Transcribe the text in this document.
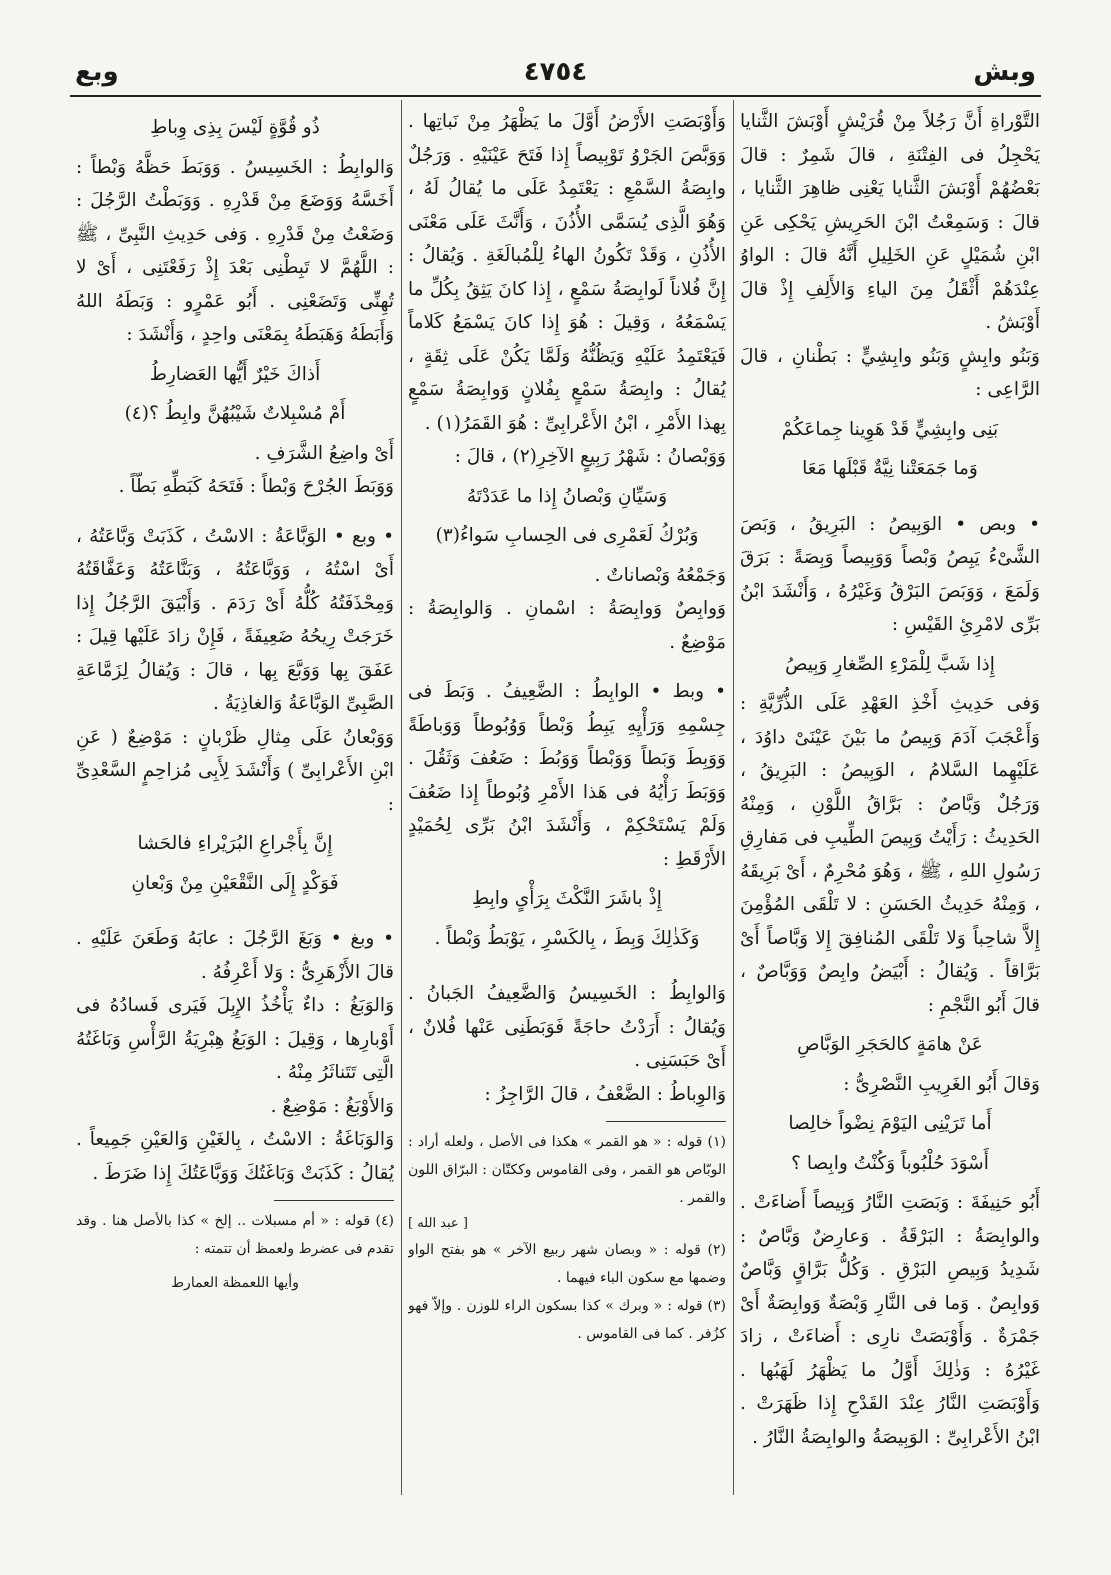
وبش
٤٧٥٤
وبع

التَّوْراةِ أَنَّ رَجُلاً مِنْ قُرَيْشٍ أَوْبَشَ الثَّنايا يَحْجِلُ فى الفِتْنَةِ ، قالَ شَمِرٌ : قالَ بَعْضُهُمْ أَوْبَشَ الثَّنايا يَعْنِى ظاهِرَ الثَّنايا ، قالَ : وَسَمِعْتُ ابْنَ الحَرِيشِ يَحْكِى عَنِ ابْنِ شُمَيْلٍ عَنِ الخَلِيلِ أَنَّهُ قالَ : الواوُ عِنْدَهُمْ أَثْقَلُ مِنَ الياءِ وَالأَلِفِ إِذْ قالَ أَوْبَشُ .

وَبَنُو وابِشٍ وَبَنُو وابِشِيٍّ : بَطْنانِ ، قالَ الرَّاعِى :

بَنِى وابِشِيٍّ قَدْ هَوِينا جِماعَكُمْ

وَما جَمَعَتْنا نِيَّةٌ قَبْلَها مَعَا

• وبص • الوَبِيصُ : البَرِيقُ ، وَبَصَ الشَّىْءُ يَبِصُ وَبْصاً وَوَبِيصاً وَبِصَةً : بَرَقَ وَلَمَعَ ، وَوَبَصَ البَرْقُ وَغَيْرُهُ ، وَأَنْشَدَ ابْنُ بَرِّى لامْرِئِ القَيْسِ :

إِذا شَبَّ لِلْمَرْءِ الصِّغارِ وَبِيصُ

وَفى حَدِيثِ أَخْذِ العَهْدِ عَلَى الذُّرِّيَّةِ : وَأَعْجَبَ آدَمَ وَبِيصُ ما بَيْنَ عَيْنَىْ داوُدَ ، عَلَيْهِما السَّلامُ ، الوَبِيصُ : البَرِيقُ ، وَرَجُلٌ وَبَّاصٌ : بَرَّاقُ اللَّوْنِ ، وَمِنْهُ الحَدِيثُ : رَأَيْتُ وَبِيصَ الطِّيبِ فى مَفارِقِ رَسُولِ اللهِ ، ﷺ ، وَهُوَ مُحْرِمٌ ، أَىْ بَرِيقَهُ ، وَمِنْهُ حَدِيثُ الحَسَنِ : لا تَلْقَى المُؤْمِنَ إِلاَّ شاحِباً وَلا تَلْقَى المُنافِقَ إِلا وَبَّاصاً أَىْ بَرَّاقاً . وَيُقالُ : أَبْيَضُ وابِصٌ وَوَبَّاصٌ ، قالَ أَبُو النَّجْمِ :

عَنْ هامَةٍ كالحَجَرِ الوَبَّاصِ

وَقالَ أَبُو الغَرِيبِ النَّصْرِىُّ :

أَما تَرَيْنِى اليَوْمَ نِضْواً خالِصا

أَسْوَدَ حُلْبُوباً وَكُنْتُ وابِصا ؟

أَبُو حَنِيفَةَ : وَبَصَتِ النَّارُ وَبِيصاً أَضاءَتْ . والوابِصَةُ : البَرْقَةُ . وَعارِضٌ وَبَّاصٌ : شَدِيدُ وَبِيصِ البَرْقِ . وَكُلُّ بَرَّاقٍ وَبَّاصٌ وَوابِصٌ . وَما فى النَّارِ وَبْصَةٌ وَوابِصَةٌ أَىْ جَمْرَةٌ . وَأَوْبَصَتْ نارِى : أَضاءَتْ ، زادَ غَيْرُهُ : وَذٰلِكَ أَوَّلُ ما يَظْهَرُ لَهَبُها . وَأَوْبَصَتِ النَّارُ عِنْدَ القَدْحِ إِذا ظَهَرَتْ . ابْنُ الأَعْرابِىِّ : الوَبِيصَةُ والوابِصَةُ النَّارُ .

وَأَوْبَصَتِ الأَرْضُ أَوَّلَ ما يَظْهَرُ مِنْ نَباتِها . وَوَبَّصَ الجَرْوُ تَوْبِيصاً إِذا فَتَحَ عَيْنَيْهِ . وَرَجُلٌ وابِصَةُ السَّمْعِ : يَعْتَمِدُ عَلَى ما يُقالُ لَهُ ، وَهُوَ الَّذِى يُسَمَّى الأُذُنَ ، وَأَنَّثَ عَلَى مَعْنَى الأُذُنِ ، وَقَدْ تَكُونُ الهاءُ لِلْمُبالَغَةِ . وَيُقالُ : إِنَّ فُلاناً لَوابِصَةُ سَمْعٍ ، إِذا كانَ يَثِقُ بِكُلِّ ما يَسْمَعُهُ ، وَقِيلَ : هُوَ إِذا كانَ يَسْمَعُ كَلاماً فَيَعْتَمِدُ عَلَيْهِ وَيَظُنُّهُ وَلَمَّا يَكُنْ عَلَى ثِقَةٍ ، يُقالُ : وابِصَةُ سَمْعٍ بِفُلانٍ وَوابِصَةُ سَمْعٍ بِهذا الأَمْرِ ، ابْنُ الأَعْرابِىِّ : هُوَ القَمَرُ(١) .

وَوَبْصانُ : شَهْرُ رَبِيعٍ الآخِرِ(٢) ، قالَ :

وَسَيِّانِ وَبْصانُ إِذا ما عَدَدْتَهُ

وَبُرْكُ لَعَمْرِى فى الحِسابِ سَواءُ(٣)

وَجَمْعُهُ وَبْصاناتٌ .

وَوابِصٌ وَوابِصَةُ : اسْمانِ . وَالوابِصَةُ : مَوْضِعٌ .

• وبط • الوابِطُ : الضَّعِيفُ . وَبَطَ فى جِسْمِهِ وَرَأْيِهِ يَبِطُ وَبْطاً وَوُبُوطاً وَوَباطَةً وَوَبِطَ وَبَطاً وَوَبْطاً وَوَبُطَ : ضَعُفَ وَثَقُلَ . وَوَبَطَ رَأْيُهُ فى هَذا الأَمْرِ وُبُوطاً إِذا ضَعُفَ وَلَمْ يَسْتَحْكِمْ ، وَأَنْشَدَ ابْنُ بَرِّى لِحُمَيْدٍ الأَرْقَطِ :

إِذْ باشَرَ النَّكْثَ بِرَأْىٍ وابِطِ

وَكَذٰلِكَ وَبِطَ ، بِالكَسْرِ ، يَوْبَطُ وَبْطاً .

وَالوابِطُ : الخَسِيسُ وَالضَّعِيفُ الجَبانُ . وَيُقالُ : أَرَدْتُ حاجَةً فَوَبَطَنِى عَنْها فُلانٌ ، أَىْ حَبَسَنِى .

وَالوِباطُ : الضَّعْفُ ، قالَ الرَّاجِزُ :

(١) قوله : « هو القمر » هكذا فى الأصل ، ولعله أراد : الوبّاص هو القمر ، وفى القاموس وككتّان : البرّاق اللون والقمر .

[ عبد الله ]

(٢) قوله : « وبصان شهر ربيع الآخر » هو بفتح الواو وضمها مع سكون الباء فيهما .

(٣) قوله : « وبرك » كذا بسكون الراء للوزن . وإلاّ فهو كزُفر . كما فى القاموس .

ذُو قُوَّةٍ لَيْسَ بِذِى وِباطِ

وَالوابِطُ : الخَسِيسُ . وَوَبَطَ حَظَّهُ وَبْطاً : أَخَسَّهُ وَوَضَعَ مِنْ قَدْرِهِ . وَوَبَطْتُ الرَّجُلَ : وَضَعْتُ مِنْ قَدْرِهِ . وَفى حَدِيثِ النَّبِىِّ ، ﷺ : اللَّهُمَّ لا تَبِطْنِى بَعْدَ إِذْ رَفَعْتَنِى ، أَىْ لا تُهِنِّى وَتَضَعْنِى . أَبُو عَمْرٍو : وَبَطَهُ اللهُ وَأَبَطَهُ وَهَبَطَهُ بِمَعْنَى واحِدٍ ، وَأَنْشَدَ :

أَذاكَ خَيْرٌ أَيُّها العَضارِطُ

أَمْ مُسْبِلاتٌ شَيْبُهُنَّ وابِطُ ؟(٤)

أَىْ واضِعُ الشَّرَفِ .

وَوَبَطَ الجُرْحَ وَبْطاً : فَتَحَهُ كَبَطِّهِ بَطّاً .

• وبع • الوَبَّاعَةُ : الاسْتُ ، كَذَبَتْ وَبَّاعَتُهُ ، أَىْ اسْتُهُ ، وَوَبَّاعَتُهُ ، وَبَنَّاعَتُهُ وَعَفَّاقَتُهُ وَمِحْذَفَتُهُ كُلُّهُ أَىْ رَدَمَ . وَأَبْيَقَ الرَّجُلُ إِذا خَرَجَتْ رِيحُهُ ضَعِيفَةً ، فَإِنْ زادَ عَلَيْها قِيلَ : عَفَقَ بِها وَوَبَّعَ بِها ، قالَ : وَيُقالُ لِزَمَّاعَةِ الصَّبِىِّ الوَبَّاعَةُ وَالغاذِيَةُ .

وَوَبْعانُ عَلَى مِثالِ ظَرْبانٍ : مَوْضِعٌ ( عَنِ ابْنِ الأَعْرابِىِّ ) وَأَنْشَدَ لِأَبِى مُزاحِمٍ السَّعْدِىِّ :

إِنَّ بِأَجْراعِ البُرَيْراءِ فالحَشا

فَوَكْدٍ إِلَى النَّقْعَيْنِ مِنْ وَبْعانِ

• وبغ • وَبَغَ الرَّجُلَ : عابَهُ وَطَعَنَ عَلَيْهِ . قالَ الأَزْهَرِىُّ : وَلا أَعْرِفُهُ .

وَالوَبَغُ : داءٌ يَأْخُذُ الإِبِلَ فَيَرى فَسادُهُ فى أَوْبارِها ، وَقِيلَ : الوَبَغُ هِبْرِيَةُ الرَّأْسِ وَبَاغَتُهُ الَّتِى تَتَناثَرُ مِنْهُ .

وَالأَوْبَغُ : مَوْضِعٌ .

وَالوَبَاغَةُ : الاسْتُ ، بِالغَيْنِ وَالعَيْنِ جَمِيعاً . يُقالُ : كَذَبَتْ وَبَاغَتُكَ وَوَبَّاعَتُكَ إِذا ضَرَطَ .

(٤) قوله : « أم مسبلات .. إلخ » كذا بالأصل هنا . وقد تقدم فى عضرط ولعمظ أن تتمته :

وأيها اللعمظة العمارط
